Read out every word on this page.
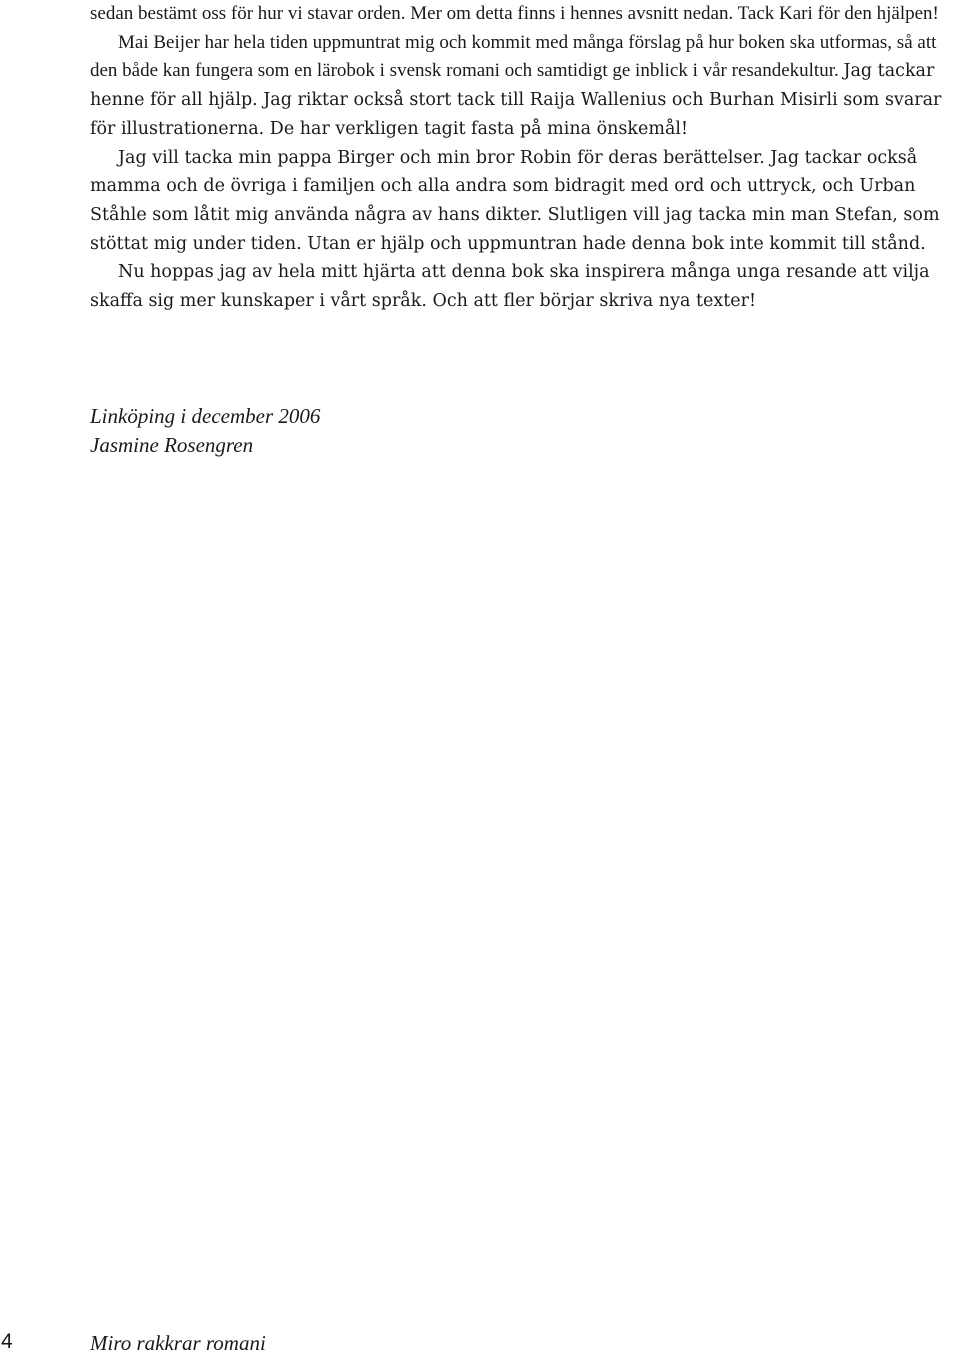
sedan bestämt oss för hur vi stavar orden. Mer om detta finns i hennes avsnitt nedan. Tack Kari för den hjälpen!

Mai Beijer har hela tiden uppmuntrat mig och kommit med många förslag på hur boken ska utformas, så att den både kan fungera som en lärobok i svensk romani och samtidigt ge inblick i vår resandekultur. Jag tackar henne för all hjälp. Jag riktar också stort tack till Raija Wallenius och Burhan Misirli som svarar för illustrationerna. De har verkligen tagit fasta på mina önskemål!

Jag vill tacka min pappa Birger och min bror Robin för deras berättelser. Jag tackar också mamma och de övriga i familjen och alla andra som bidragit med ord och uttryck, och Urban Ståhle som låtit mig använda några av hans dikter. Slutligen vill jag tacka min man Stefan, som stöttat mig under tiden. Utan er hjälp och uppmuntran hade denna bok inte kommit till stånd.

Nu hoppas jag av hela mitt hjärta att denna bok ska inspirera många unga resande att vilja skaffa sig mer kunskaper i vårt språk. Och att fler börjar skriva nya texter!

Linköping i december 2006

Jasmine Rosengren

4	Miro rakkrar romani
